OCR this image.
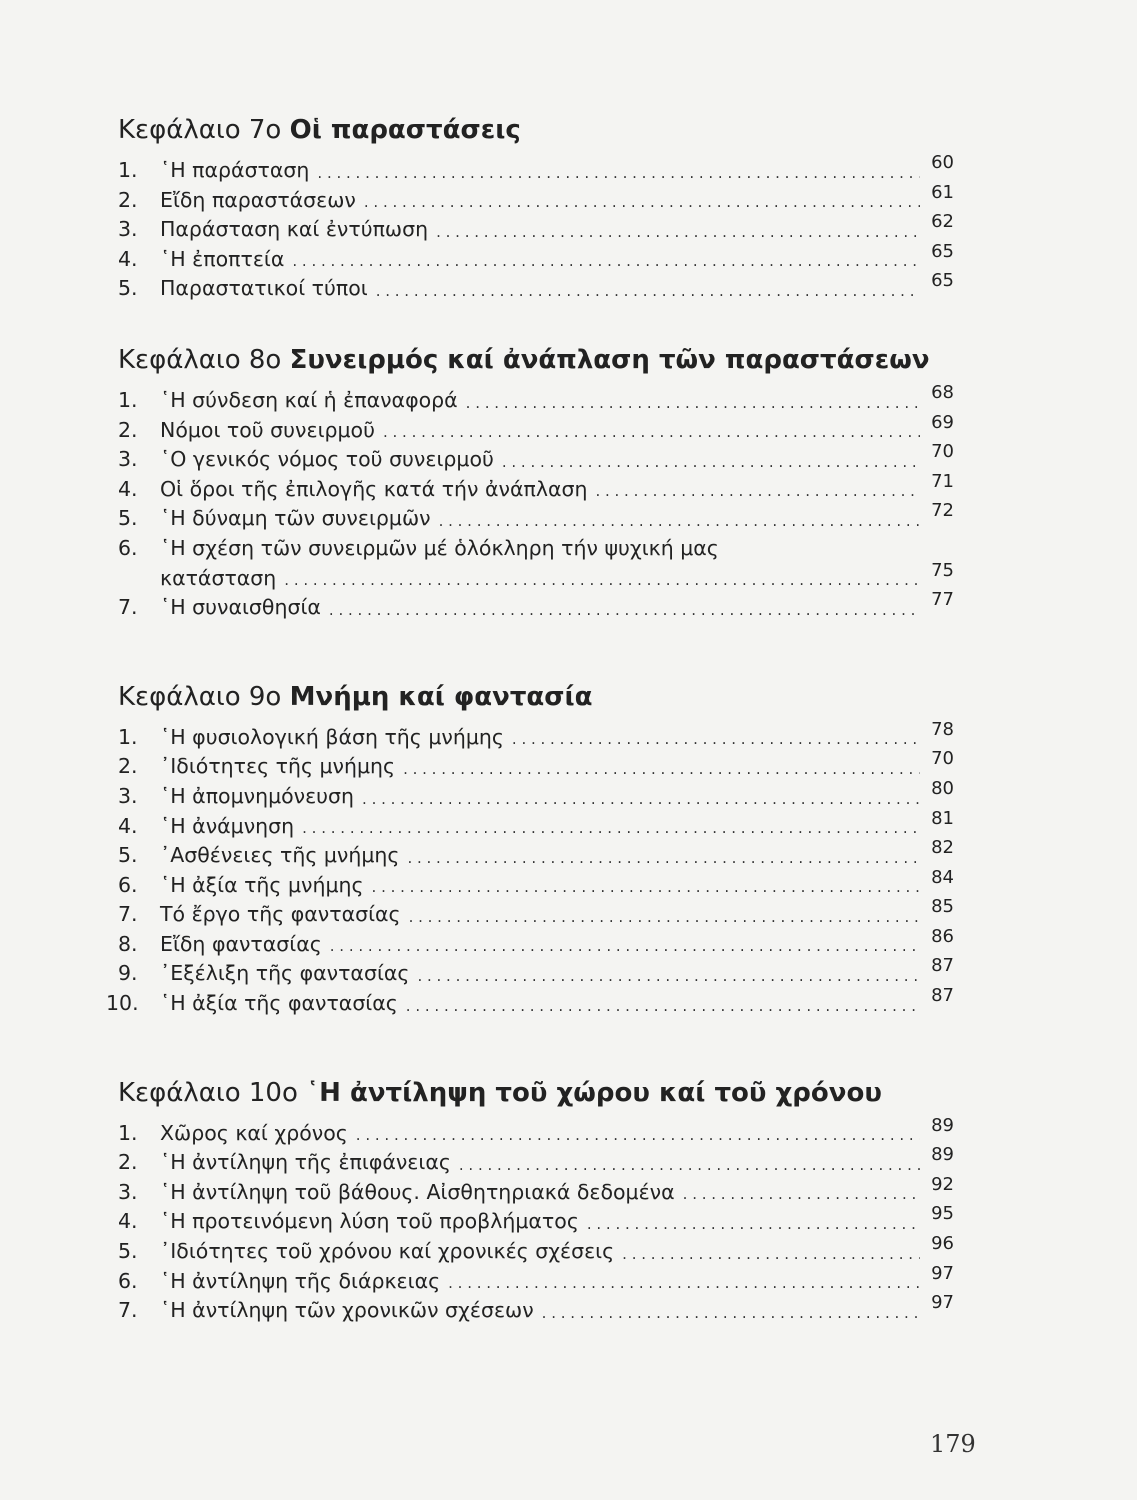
Κεφάλαιο 7ο Οἱ παραστάσεις
1.	῾Η παράσταση . . .	60
2.	Εἴδη παραστάσεων . . .	61
3.	Παράσταση καί ἐντύπωση . . .	62
4.	῾Η ἐποπτεία . . .	65
5.	Παραστατικοί τύποι . . .	65
Κεφάλαιο 8ο Συνειρμός καί ἀνάπλαση τῶν παραστάσεων
1.	῾Η σύνδεση καί ἡ ἐπαναφορά . . .	68
2.	Νόμοι τοῦ συνειρμοῦ . . .	69
3.	῾Ο γενικός νόμος τοῦ συνειρμοῦ . . .	70
4.	Οἱ ὅροι τῆς ἐπιλογῆς κατά τήν ἀνάπλαση . . .	71
5.	῾Η δύναμη τῶν συνειρμῶν . . .	72
6.	῾Η σχέση τῶν συνειρμῶν μέ ὁλόκληρη τήν ψυχική μας
κατάσταση . . .	75
7.	῾Η συναισθησία . . .	77
Κεφάλαιο 9ο Μνήμη καί φαντασία
1.	῾Η φυσιολογική βάση τῆς μνήμης . . .	78
2.	᾿Ιδιότητες τῆς μνήμης . . .	70
3.	῾Η ἀπομνημόνευση . . .	80
4.	῾Η ἀνάμνηση . . .	81
5.	᾿Ασθένειες τῆς μνήμης . . .	82
6.	῾Η ἀξία τῆς μνήμης . . .	84
7.	Τό ἔργο τῆς φαντασίας . . .	85
8.	Εἴδη φαντασίας . . .	86
9.	᾿Εξέλιξη τῆς φαντασίας . . .	87
10.	῾Η ἀξία τῆς φαντασίας . . .	87
Κεφάλαιο 10ο ῾Η ἀντίληψη τοῦ χώρου καί τοῦ χρόνου
1.	Χῶρος καί χρόνος . . .	89
2.	῾Η ἀντίληψη τῆς ἐπιφάνειας . . .	89
3.	῾Η ἀντίληψη τοῦ βάθους. Αἰσθητηριακά δεδομένα . . .	92
4.	῾Η προτεινόμενη λύση τοῦ προβλήματος . . .	95
5.	᾿Ιδιότητες τοῦ χρόνου καί χρονικές σχέσεις . . .	96
6.	῾Η ἀντίληψη τῆς διάρκειας . . .	97
7.	῾Η ἀντίληψη τῶν χρονικῶν σχέσεων . . .	97
179
